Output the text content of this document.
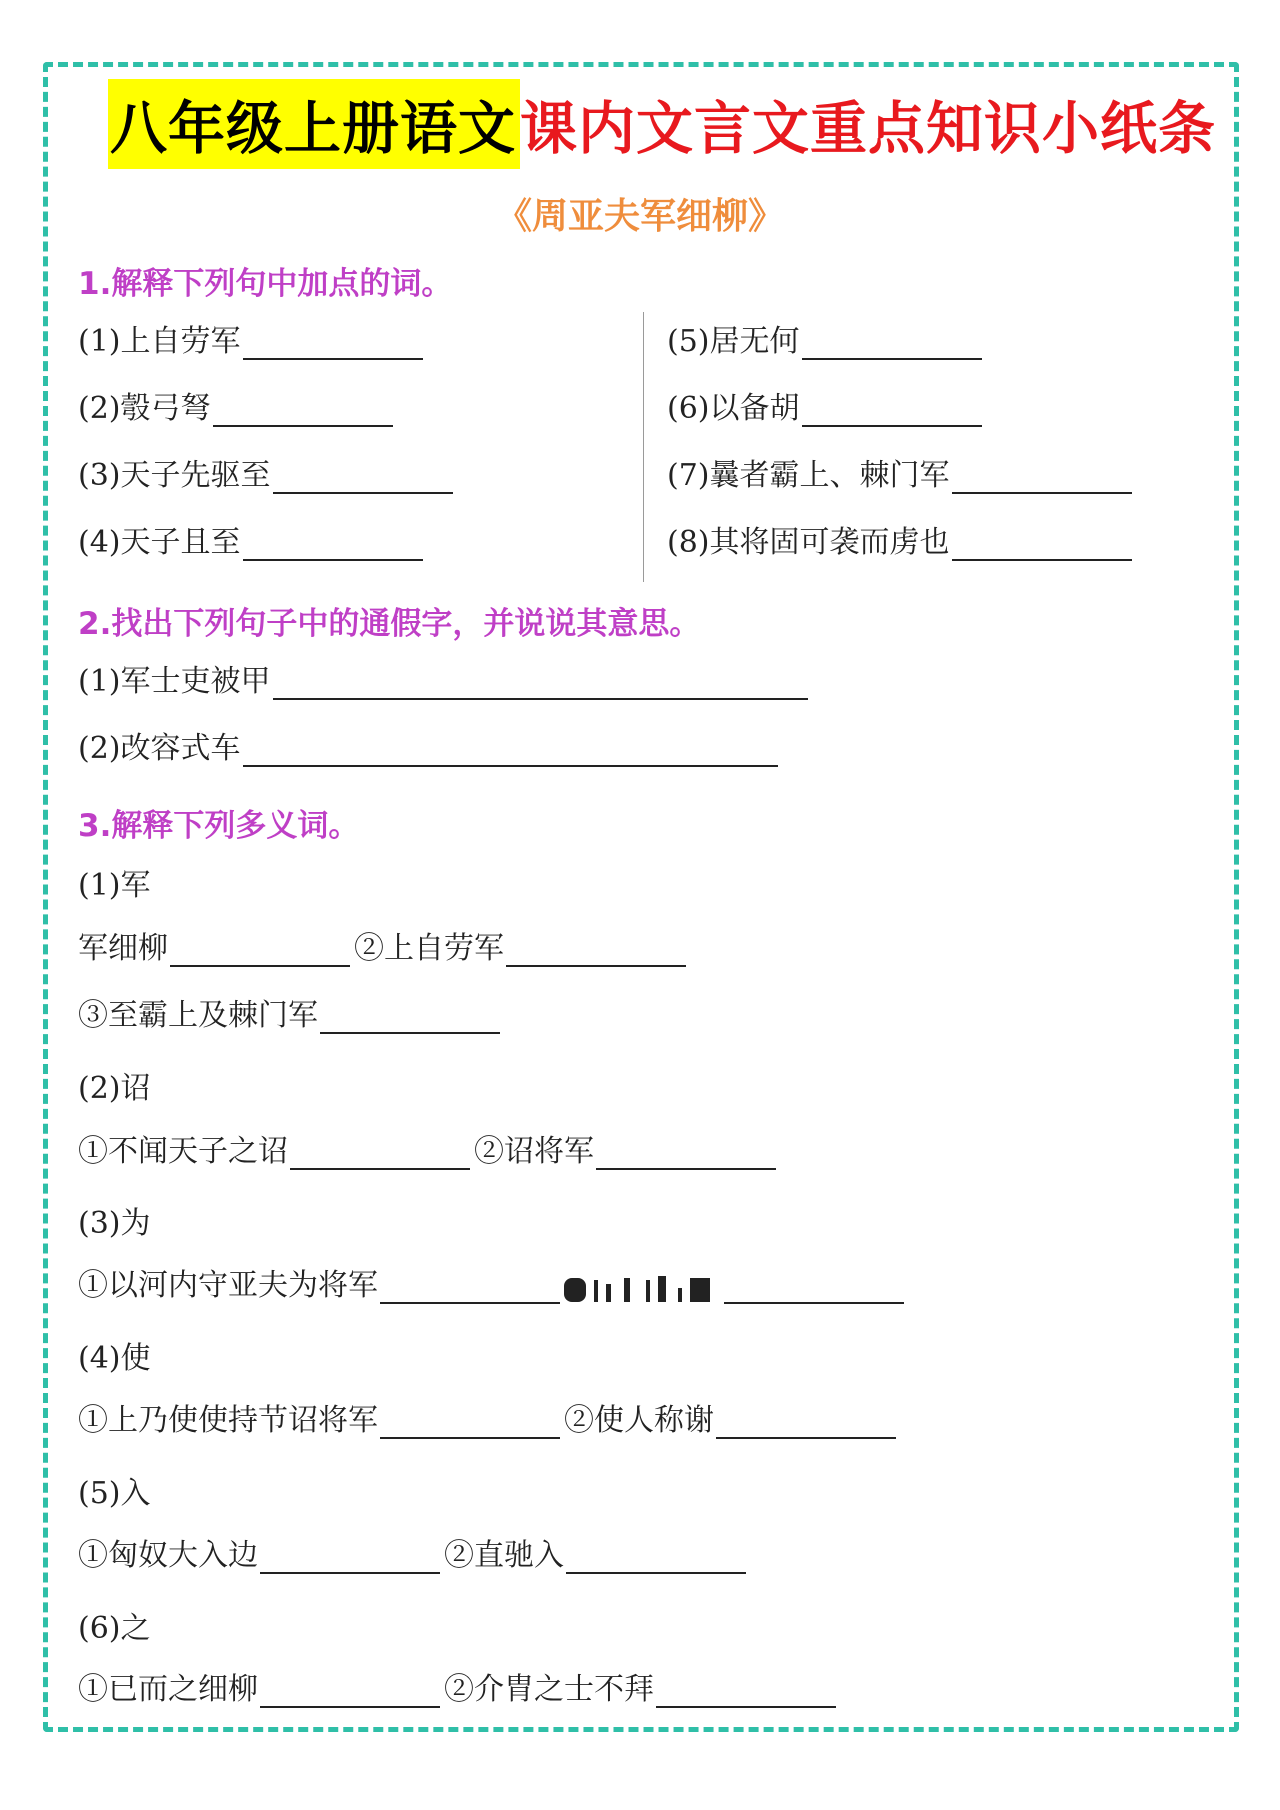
八年级上册语文 课内文言文重点知识小纸条
《周亚夫军细柳》
1.解释下列句中加点的词。
(1)上自劳军
(2)彀弓弩
(3)天子先驱至
(4)天子且至
(5)居无何
(6)以备胡
(7)曩者霸上、棘门军
(8)其将固可袭而虏也
2.找出下列句子中的通假字，并说说其意思。
(1)军士吏被甲
(2)改容式车
3.解释下列多义词。
(1)军
军细柳	②上自劳军
③至霸上及棘门军
(2)诏
①不闻天子之诏	②诏将军
(3)为
①以河内守亚夫为将军
(4)使
①上乃使使持节诏将军	②使人称谢
(5)入
①匈奴大入边	②直驰入
(6)之
①已而之细柳	②介胄之士不拜
